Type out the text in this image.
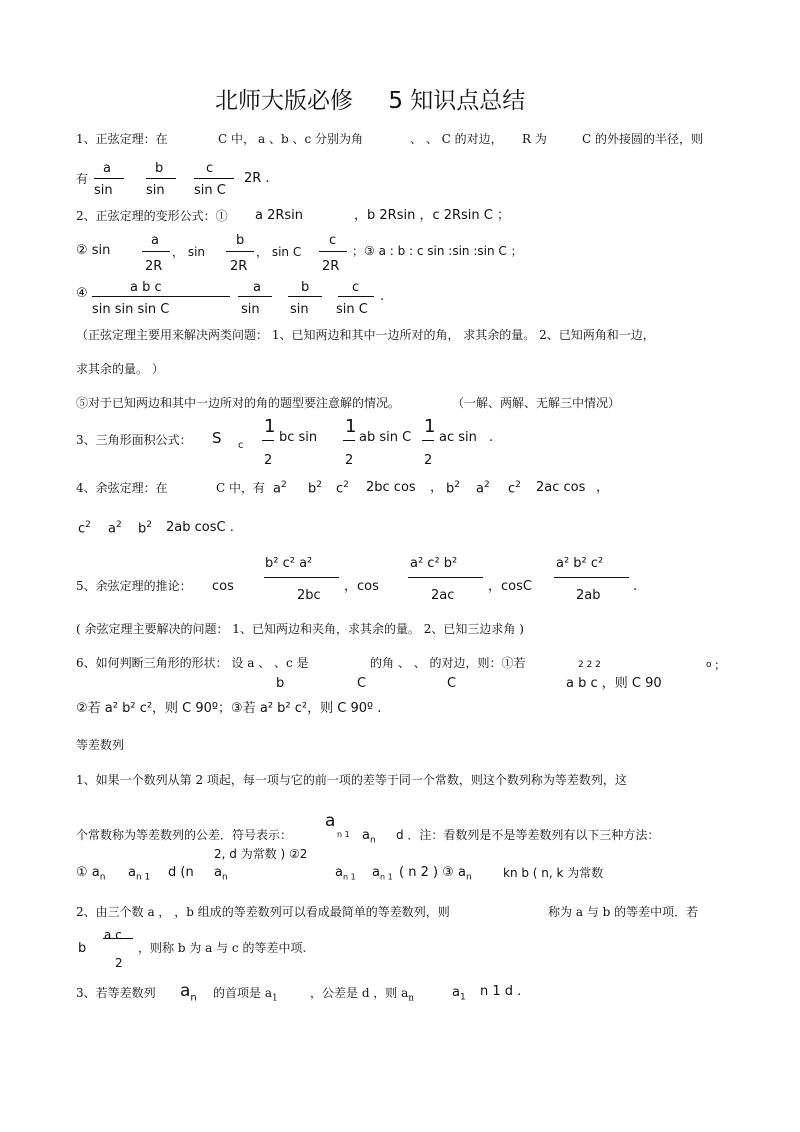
北师大版必修 5 知识点总结
1、正弦定理：在	C 中， a 、b 、c 分别为角	、 、 C 的对边， R 为	C 的外接圆的半径，则
有
a
sin
b
sin
c
sin C
2R .
2、正弦定理的变形公式：① a 2Rsin	，b 2Rsin ，c 2Rsin C ；
② sin
a
2R
， sin
b
2R
， sin C
c
2R
；③ a : b : c sin :sin :sin C ；
④	a b c
sin sin sin C
a
sin
b
sin
c
sin C
.
（正弦定理主要用来解决两类问题： 1、已知两边和其中一边所对的角， 求其余的量。 2、已知两角和一边，
求其余的量。 ）
⑤对于已知两边和其中一边所对的角的题型要注意解的情况。	（一解、两解、无解三中情况）
3、三角形面积公式： S c
1
2
bc sin
1
2
ab sin C
1
2
ac sin .
4、余弦定理：在	C 中，有 $a^2$ $b^2$ $c^2$ 2bc cos ， $b^2$ $a^2$ $c^2$ 2ac cos ，
$c^2$ $a^2$ $b^2$ 2ab cosC .
5、余弦定理的推论： cos
b² c² a²
2bc
，cos
a² c² b²
2ac
，cosC
a² b² c²
2ab
.
( 余弦定理主要解决的问题： 1、已知两边和夹角，求其余的量。 2、已知三边求角 )
6、如何判断三角形的形状： 设 a 、 、c 是	的角 、 、 的对边，则：①若	2 2 2	o ；
b	C	C	a b c ，则 C 90
②若 a² b² c²，则 C 90º；③若 a² b² c²，则 C 90º .
等差数列
1、如果一个数列从第 2 项起，每一项与它的前一项的差等于同一个常数，则这个数列称为等差数列，这
a
个常数称为等差数列的公差．符号表示：	n 1 $a_n$ d ．注：看数列是不是等差数列有以下三种方法：
2, d 为常数 ) ②2
① $a_n$ $a_{n 1}$ d (n $a_n$	$a_{n 1}$ $a_{n 1}$ ( n 2 ) ③ $a_n$	kn b ( n, k 为常数
2、由三个数 a ， ，b 组成的等差数列可以看成最简单的等差数列，则	称为 a 与 b 的等差中项．若
b
a c
2
，则称 b 为 a 与 c 的等差中项.
3、若等差数列 $a_n$ 的首项是 $a_1$	，公差是 d ，则 $a_n$	$a_1$ n 1 d .
